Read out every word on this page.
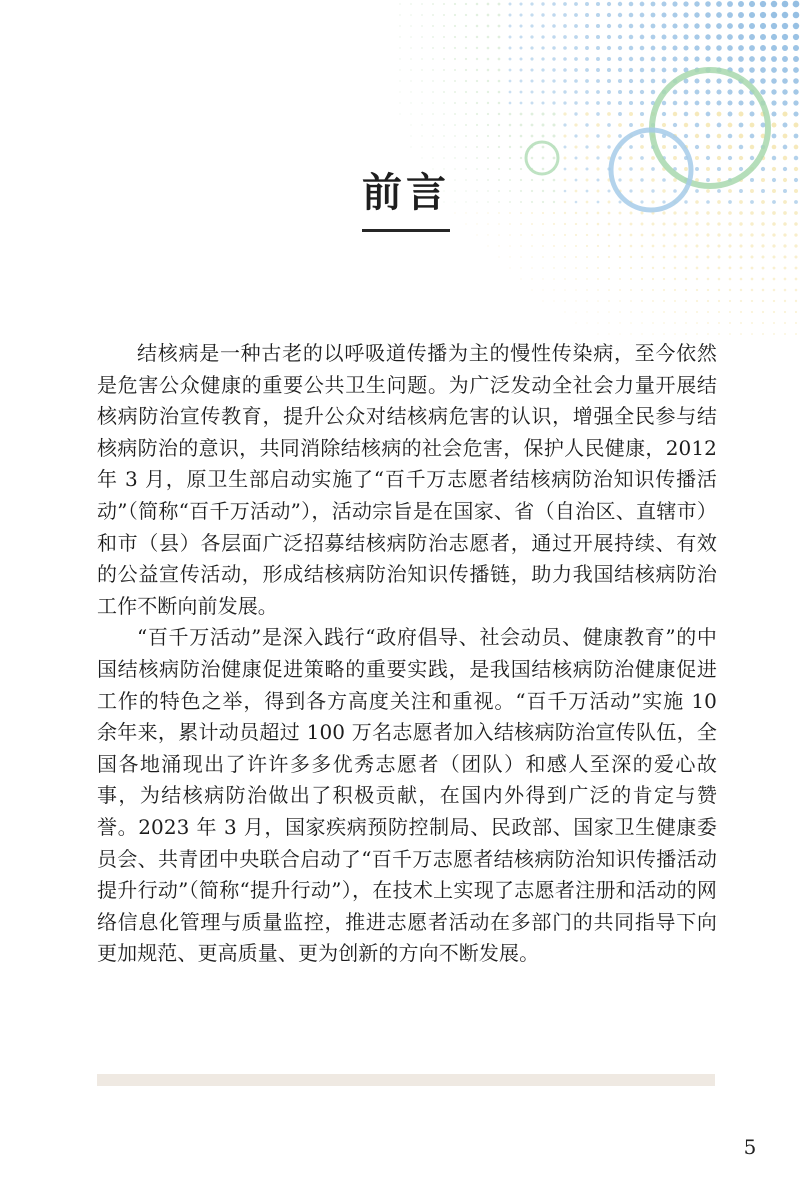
前言

结核病是一种古老的以呼吸道传播为主的慢性传染病，至今依然是危害公众健康的重要公共卫生问题。为广泛发动全社会力量开展结核病防治宣传教育，提升公众对结核病危害的认识，增强全民参与结核病防治的意识，共同消除结核病的社会危害，保护人民健康，2012 年 3 月，原卫生部启动实施了“百千万志愿者结核病防治知识传播活动”（简称“百千万活动”），活动宗旨是在国家、省（自治区、直辖市）和市（县）各层面广泛招募结核病防治志愿者，通过开展持续、有效的公益宣传活动，形成结核病防治知识传播链，助力我国结核病防治工作不断向前发展。

“百千万活动”是深入践行“政府倡导、社会动员、健康教育”的中国结核病防治健康促进策略的重要实践，是我国结核病防治健康促进工作的特色之举，得到各方高度关注和重视。“百千万活动”实施 10 余年来，累计动员超过 100 万名志愿者加入结核病防治宣传队伍，全国各地涌现出了许许多多优秀志愿者（团队）和感人至深的爱心故事，为结核病防治做出了积极贡献，在国内外得到广泛的肯定与赞誉。2023 年 3 月，国家疾病预防控制局、民政部、国家卫生健康委员会、共青团中央联合启动了“百千万志愿者结核病防治知识传播活动提升行动”（简称“提升行动”），在技术上实现了志愿者注册和活动的网络信息化管理与质量监控，推进志愿者活动在多部门的共同指导下向更加规范、更高质量、更为创新的方向不断发展。

5
